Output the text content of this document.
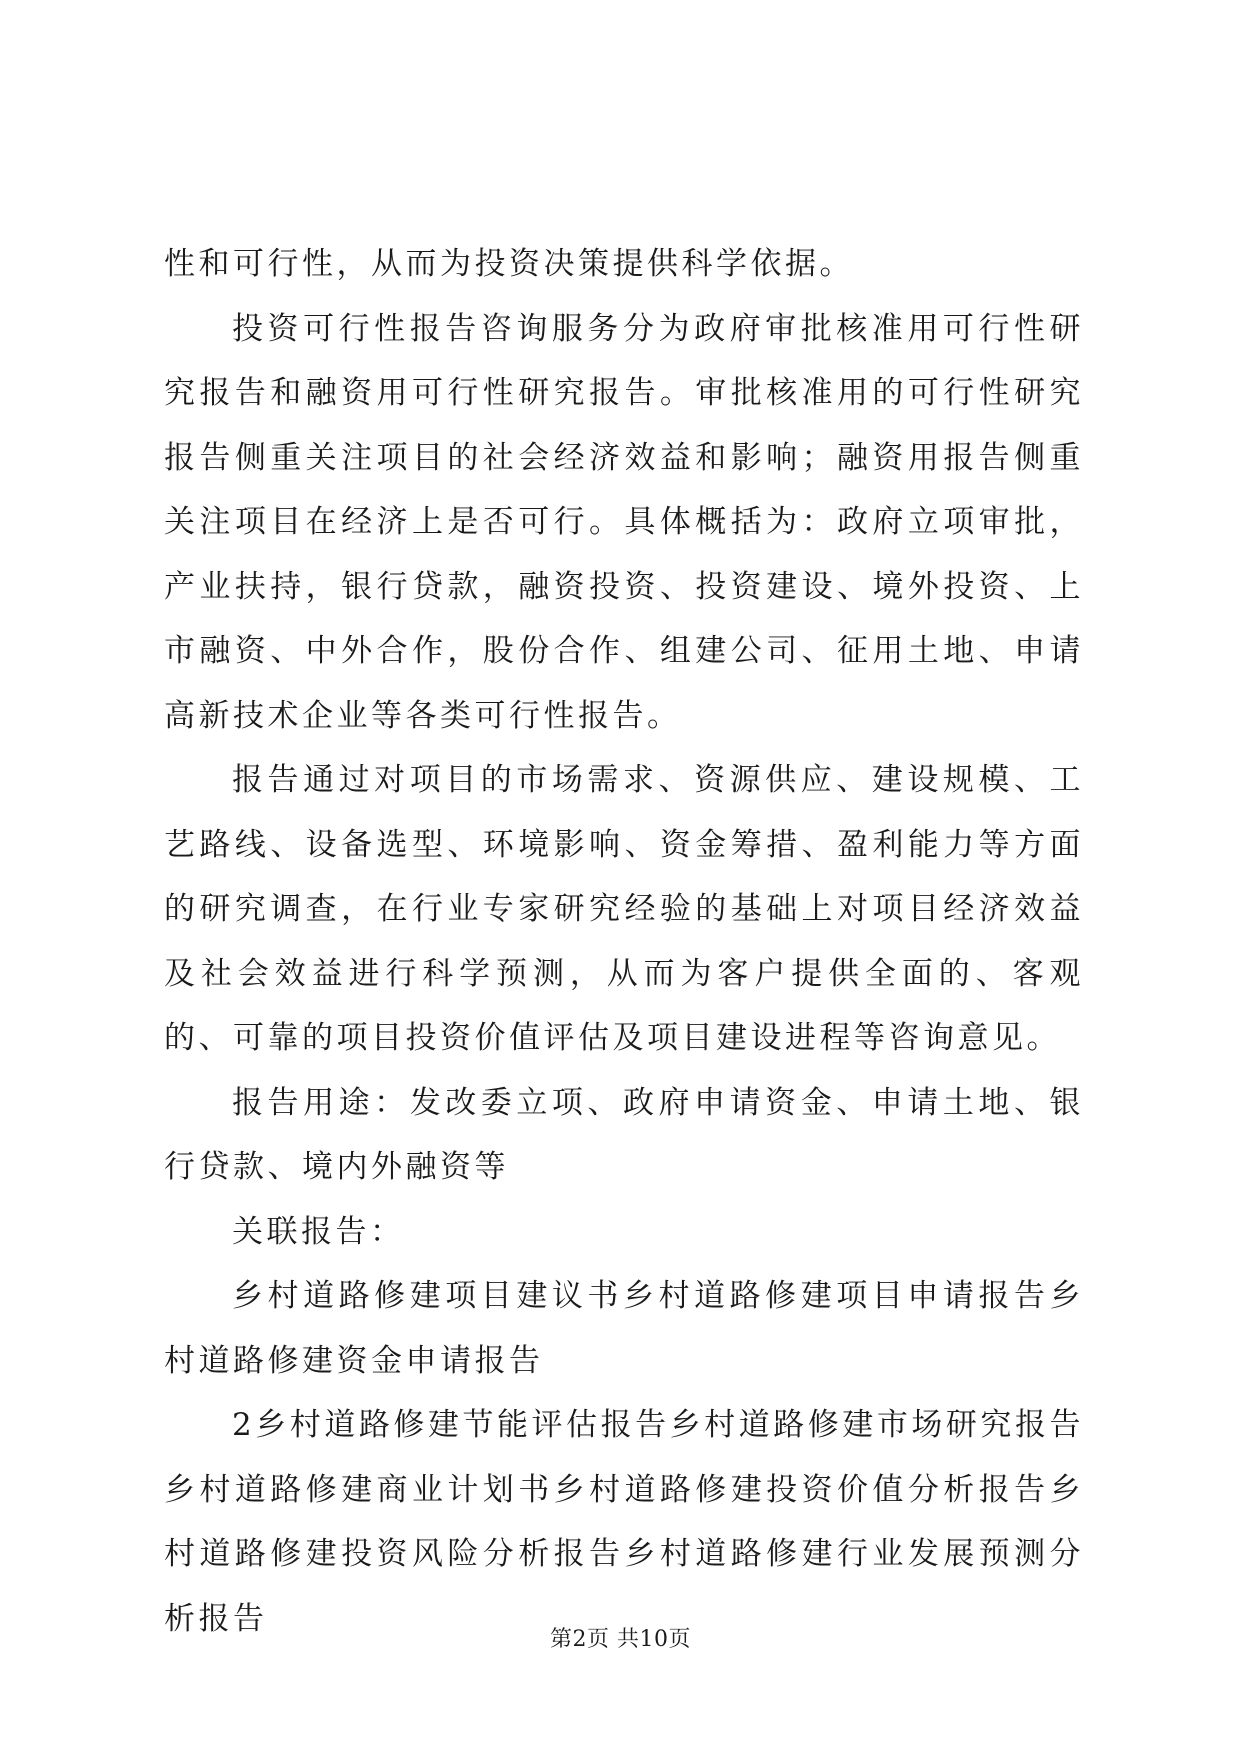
性和可行性，从而为投资决策提供科学依据。

投资可行性报告咨询服务分为政府审批核准用可行性研究报告和融资用可行性研究报告。审批核准用的可行性研究报告侧重关注项目的社会经济效益和影响；融资用报告侧重关注项目在经济上是否可行。具体概括为：政府立项审批，产业扶持，银行贷款，融资投资、投资建设、境外投资、上市融资、中外合作，股份合作、组建公司、征用土地、申请高新技术企业等各类可行性报告。

报告通过对项目的市场需求、资源供应、建设规模、工艺路线、设备选型、环境影响、资金筹措、盈利能力等方面的研究调查，在行业专家研究经验的基础上对项目经济效益及社会效益进行科学预测，从而为客户提供全面的、客观的、可靠的项目投资价值评估及项目建设进程等咨询意见。

报告用途：发改委立项、政府申请资金、申请土地、银行贷款、境内外融资等

关联报告：

乡村道路修建项目建议书乡村道路修建项目申请报告乡村道路修建资金申请报告

2乡村道路修建节能评估报告乡村道路修建市场研究报告乡村道路修建商业计划书乡村道路修建投资价值分析报告乡村道路修建投资风险分析报告乡村道路修建行业发展预测分析报告

第2页 共10页
